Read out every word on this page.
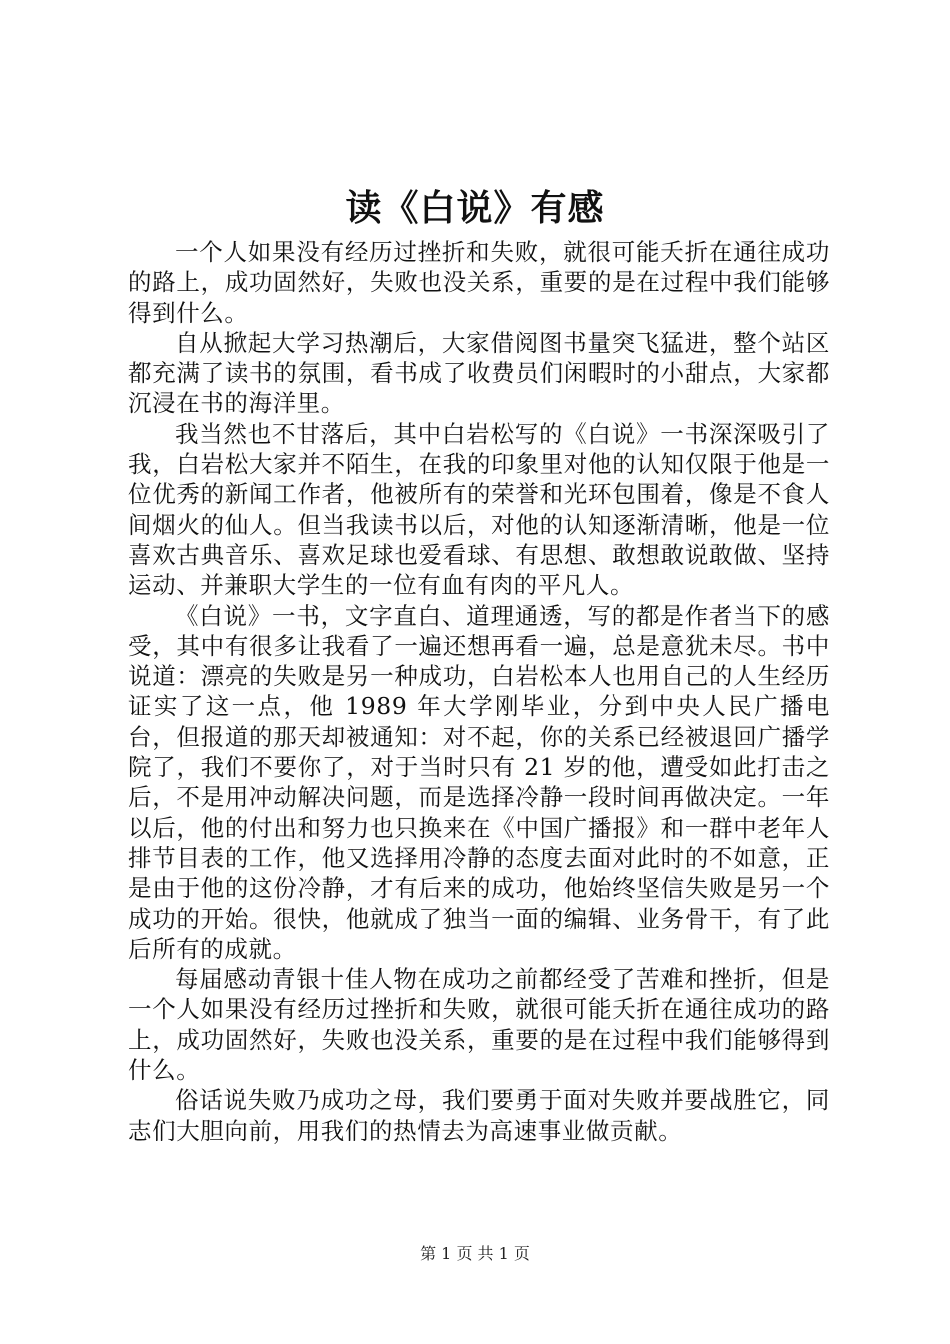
读《白说》有感

一个人如果没有经历过挫折和失败，就很可能夭折在通往成功的路上，成功固然好，失败也没关系，重要的是在过程中我们能够得到什么。

自从掀起大学习热潮后，大家借阅图书量突飞猛进，整个站区都充满了读书的氛围，看书成了收费员们闲暇时的小甜点，大家都沉浸在书的海洋里。

我当然也不甘落后，其中白岩松写的《白说》一书深深吸引了我，白岩松大家并不陌生，在我的印象里对他的认知仅限于他是一位优秀的新闻工作者，他被所有的荣誉和光环包围着，像是不食人间烟火的仙人。但当我读书以后，对他的认知逐渐清晰，他是一位喜欢古典音乐、喜欢足球也爱看球、有思想、敢想敢说敢做、坚持运动、并兼职大学生的一位有血有肉的平凡人。

《白说》一书，文字直白、道理通透，写的都是作者当下的感受，其中有很多让我看了一遍还想再看一遍，总是意犹未尽。书中说道：漂亮的失败是另一种成功，白岩松本人也用自己的人生经历证实了这一点，他 1989 年大学刚毕业，分到中央人民广播电台，但报道的那天却被通知：对不起，你的关系已经被退回广播学院了，我们不要你了，对于当时只有 21 岁的他，遭受如此打击之后，不是用冲动解决问题，而是选择冷静一段时间再做决定。一年以后，他的付出和努力也只换来在《中国广播报》和一群中老年人排节目表的工作，他又选择用冷静的态度去面对此时的不如意，正是由于他的这份冷静，才有后来的成功，他始终坚信失败是另一个成功的开始。很快，他就成了独当一面的编辑、业务骨干，有了此后所有的成就。

每届感动青银十佳人物在成功之前都经受了苦难和挫折，但是一个人如果没有经历过挫折和失败，就很可能夭折在通往成功的路上，成功固然好，失败也没关系，重要的是在过程中我们能够得到什么。

俗话说失败乃成功之母，我们要勇于面对失败并要战胜它，同志们大胆向前，用我们的热情去为高速事业做贡献。

第 1 页 共 1 页
